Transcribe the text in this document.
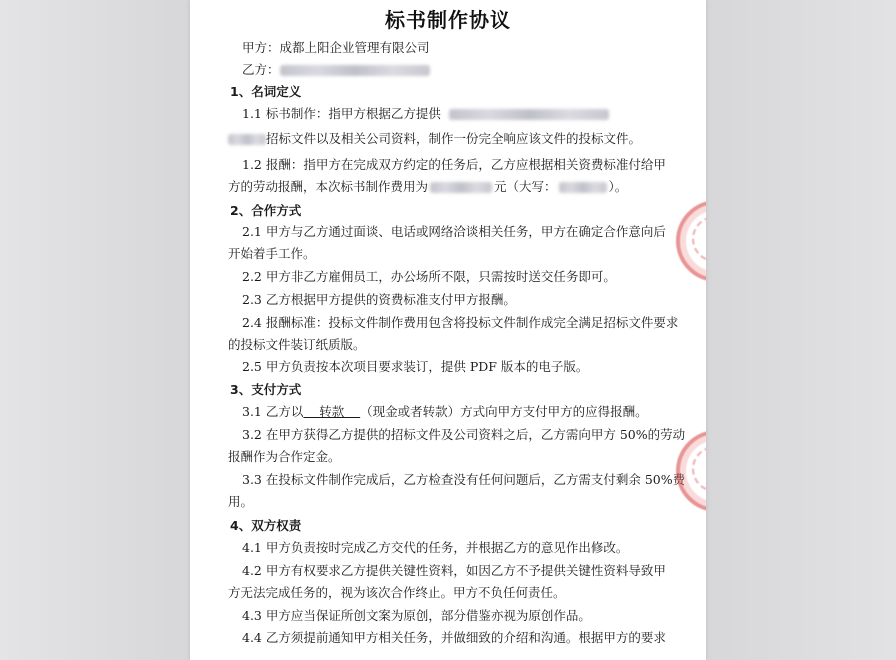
标书制作协议
甲方：成都上阳企业管理有限公司
乙方：
1、名词定义
1.1 标书制作：指甲方根据乙方提供
招标文件以及相关公司资料，制作一份完全响应该文件的投标文件。
1.2 报酬：指甲方在完成双方约定的任务后，乙方应根据相关资费标准付给甲
方的劳动报酬，本次标书制作费用为	元（大写：	）。
2、合作方式
2.1 甲方与乙方通过面谈、电话或网络洽谈相关任务，甲方在确定合作意向后
开始着手工作。
2.2 甲方非乙方雇佣员工，办公场所不限，只需按时送交任务即可。
2.3 乙方根据甲方提供的资费标准支付甲方报酬。
2.4 报酬标准：投标文件制作费用包含将投标文件制作成完全满足招标文件要求
的投标文件装订纸质版。
2.5 甲方负责按本次项目要求装订，提供 PDF 版本的电子版。
3、支付方式
3.1 乙方以    转款    （现金或者转款）方式向甲方支付甲方的应得报酬。
3.2 在甲方获得乙方提供的招标文件及公司资料之后，乙方需向甲方 50%的劳动
报酬作为合作定金。
3.3 在投标文件制作完成后，乙方检查没有任何问题后，乙方需支付剩余 50%费
用。
4、双方权责
4.1 甲方负责按时完成乙方交代的任务，并根据乙方的意见作出修改。
4.2 甲方有权要求乙方提供关键性资料，如因乙方不予提供关键性资料导致甲
方无法完成任务的，视为该次合作终止。甲方不负任何责任。
4.3 甲方应当保证所创文案为原创，部分借鉴亦视为原创作品。
4.4 乙方须提前通知甲方相关任务，并做细致的介绍和沟通。根据甲方的要求
